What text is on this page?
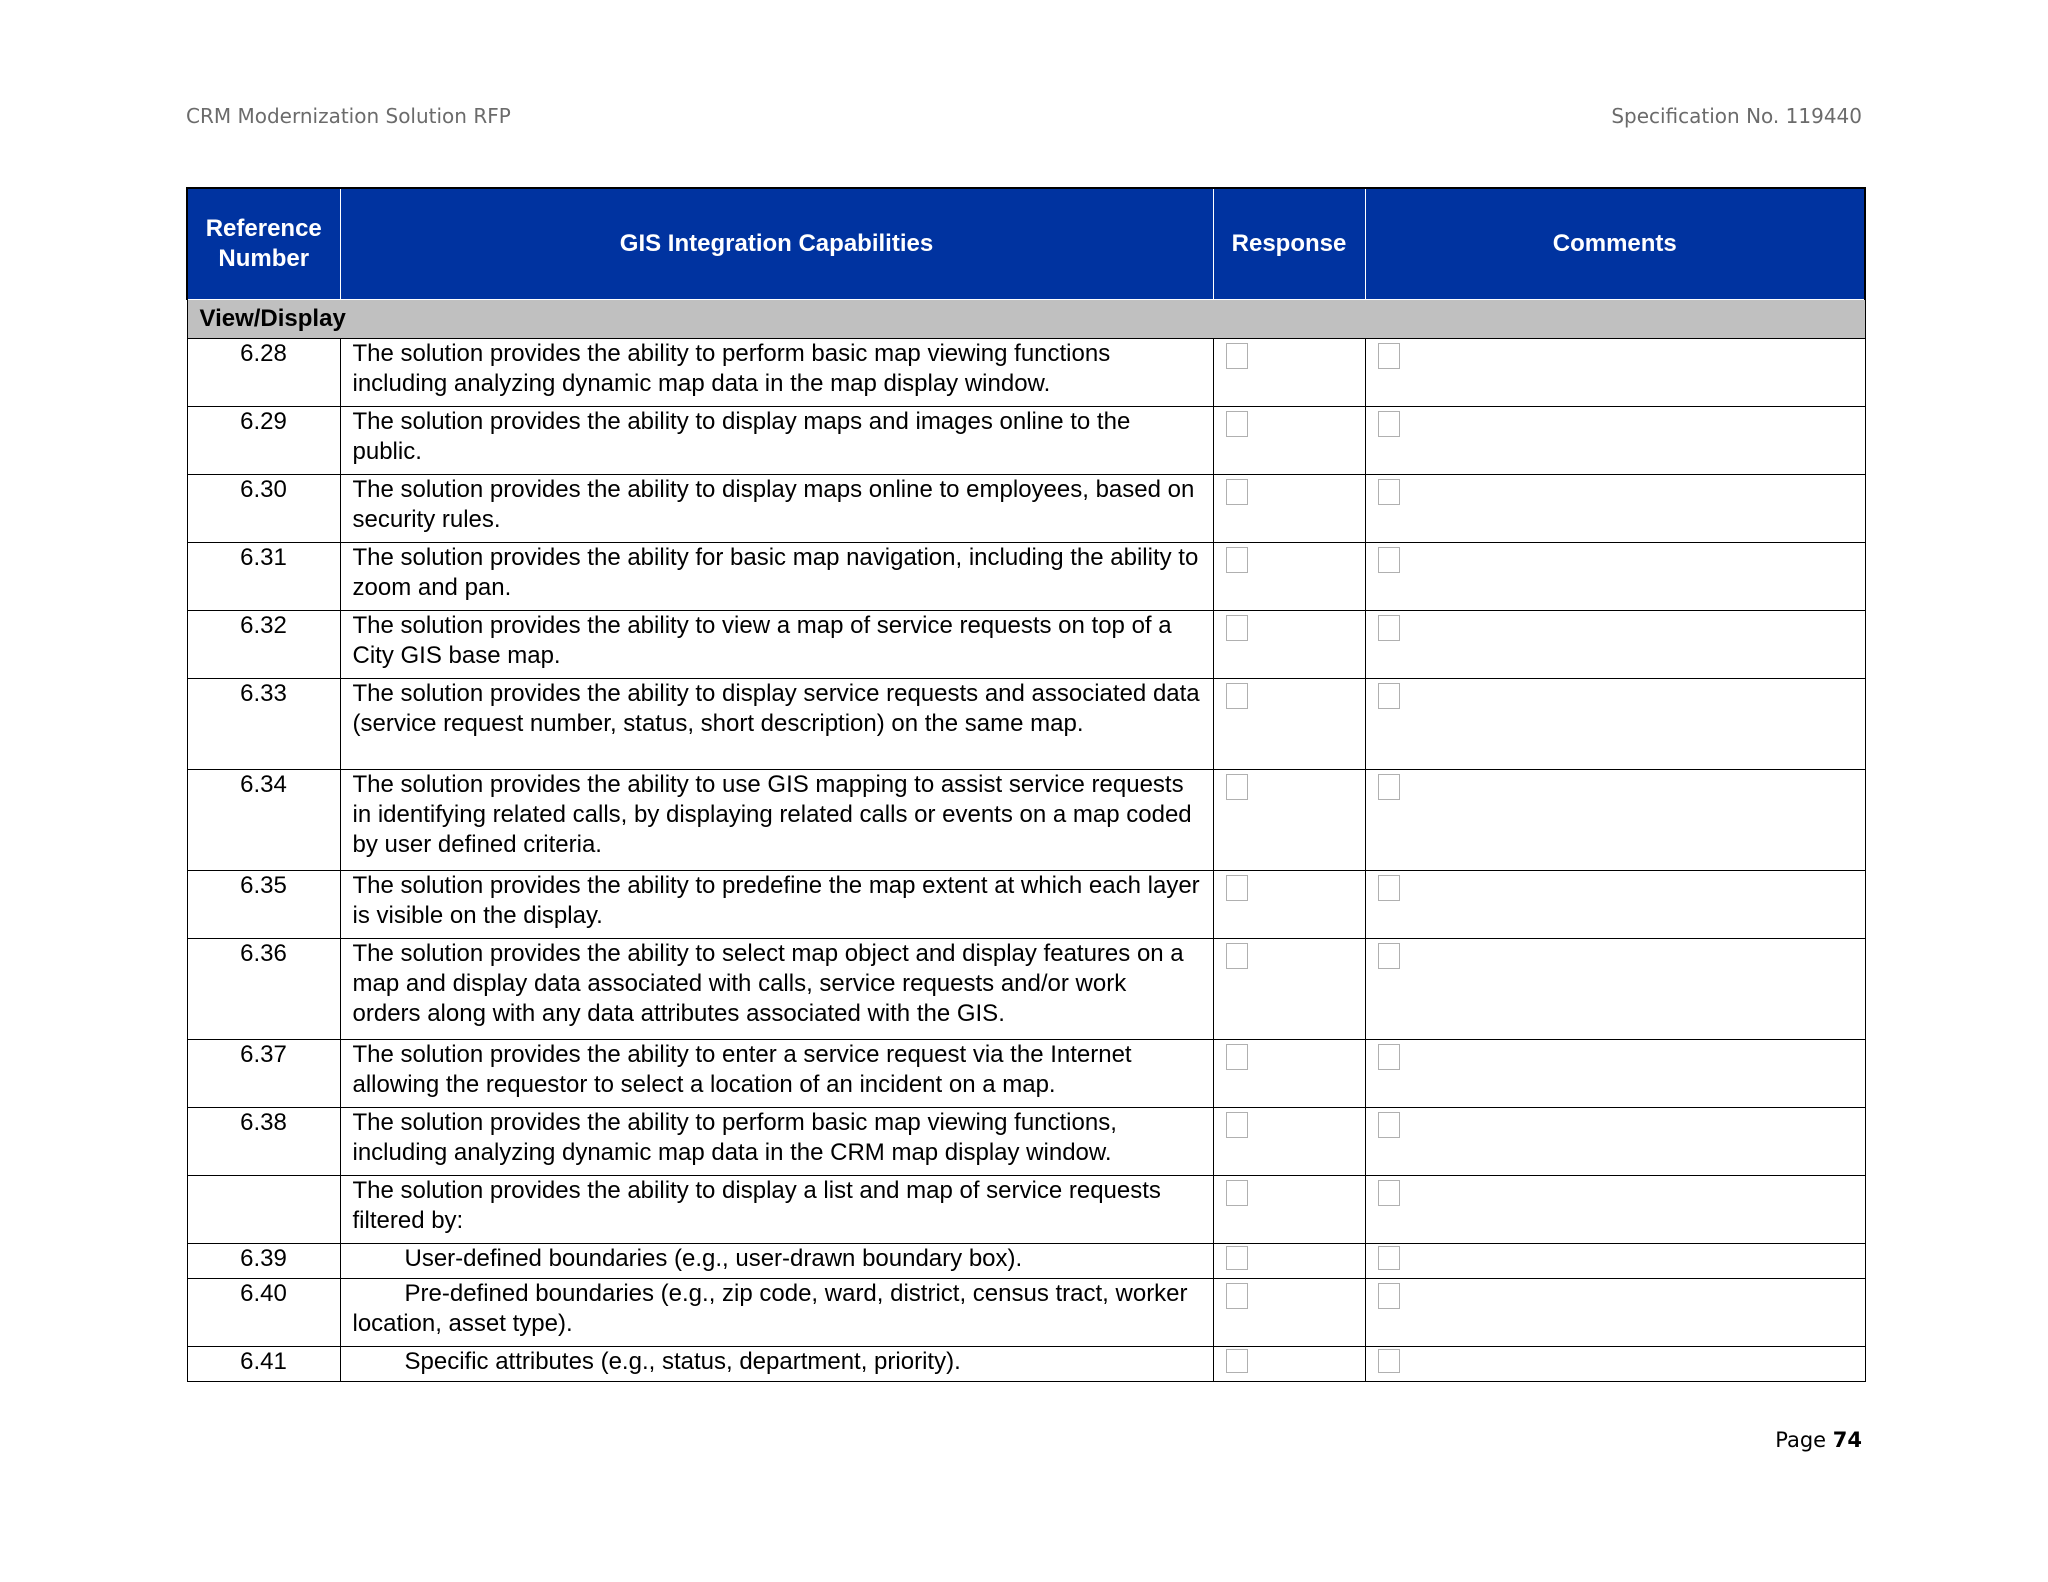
CRM Modernization Solution RFP	Specification No. 119440
Reference Number	GIS Integration Capabilities	Response	Comments
View/Display			
6.28	The solution provides the ability to perform basic map viewing functions including analyzing dynamic map data in the map display window.		
6.29	The solution provides the ability to display maps and images online to the public.		
6.30	The solution provides the ability to display maps online to employees, based on security rules.		
6.31	The solution provides the ability for basic map navigation, including the ability to zoom and pan.		
6.32	The solution provides the ability to view a map of service requests on top of a City GIS base map.		
6.33	The solution provides the ability to display service requests and associated data (service request number, status, short description) on the same map.		
6.34	The solution provides the ability to use GIS mapping to assist service requests in identifying related calls, by displaying related calls or events on a map coded by user defined criteria.		
6.35	The solution provides the ability to predefine the map extent at which each layer is visible on the display.		
6.36	The solution provides the ability to select map object and display features on a map and display data associated with calls, service requests and/or work orders along with any data attributes associated with the GIS.		
6.37	The solution provides the ability to enter a service request via the Internet allowing the requestor to select a location of an incident on a map.		
6.38	The solution provides the ability to perform basic map viewing functions, including analyzing dynamic map data in the CRM map display window.		
	The solution provides the ability to display a list and map of service requests filtered by:		
6.39	User-defined boundaries (e.g., user-drawn boundary box).		
6.40	Pre-defined boundaries (e.g., zip code, ward, district, census tract, worker location, asset type).		
6.41	Specific attributes (e.g., status, department, priority).		
Page 74
